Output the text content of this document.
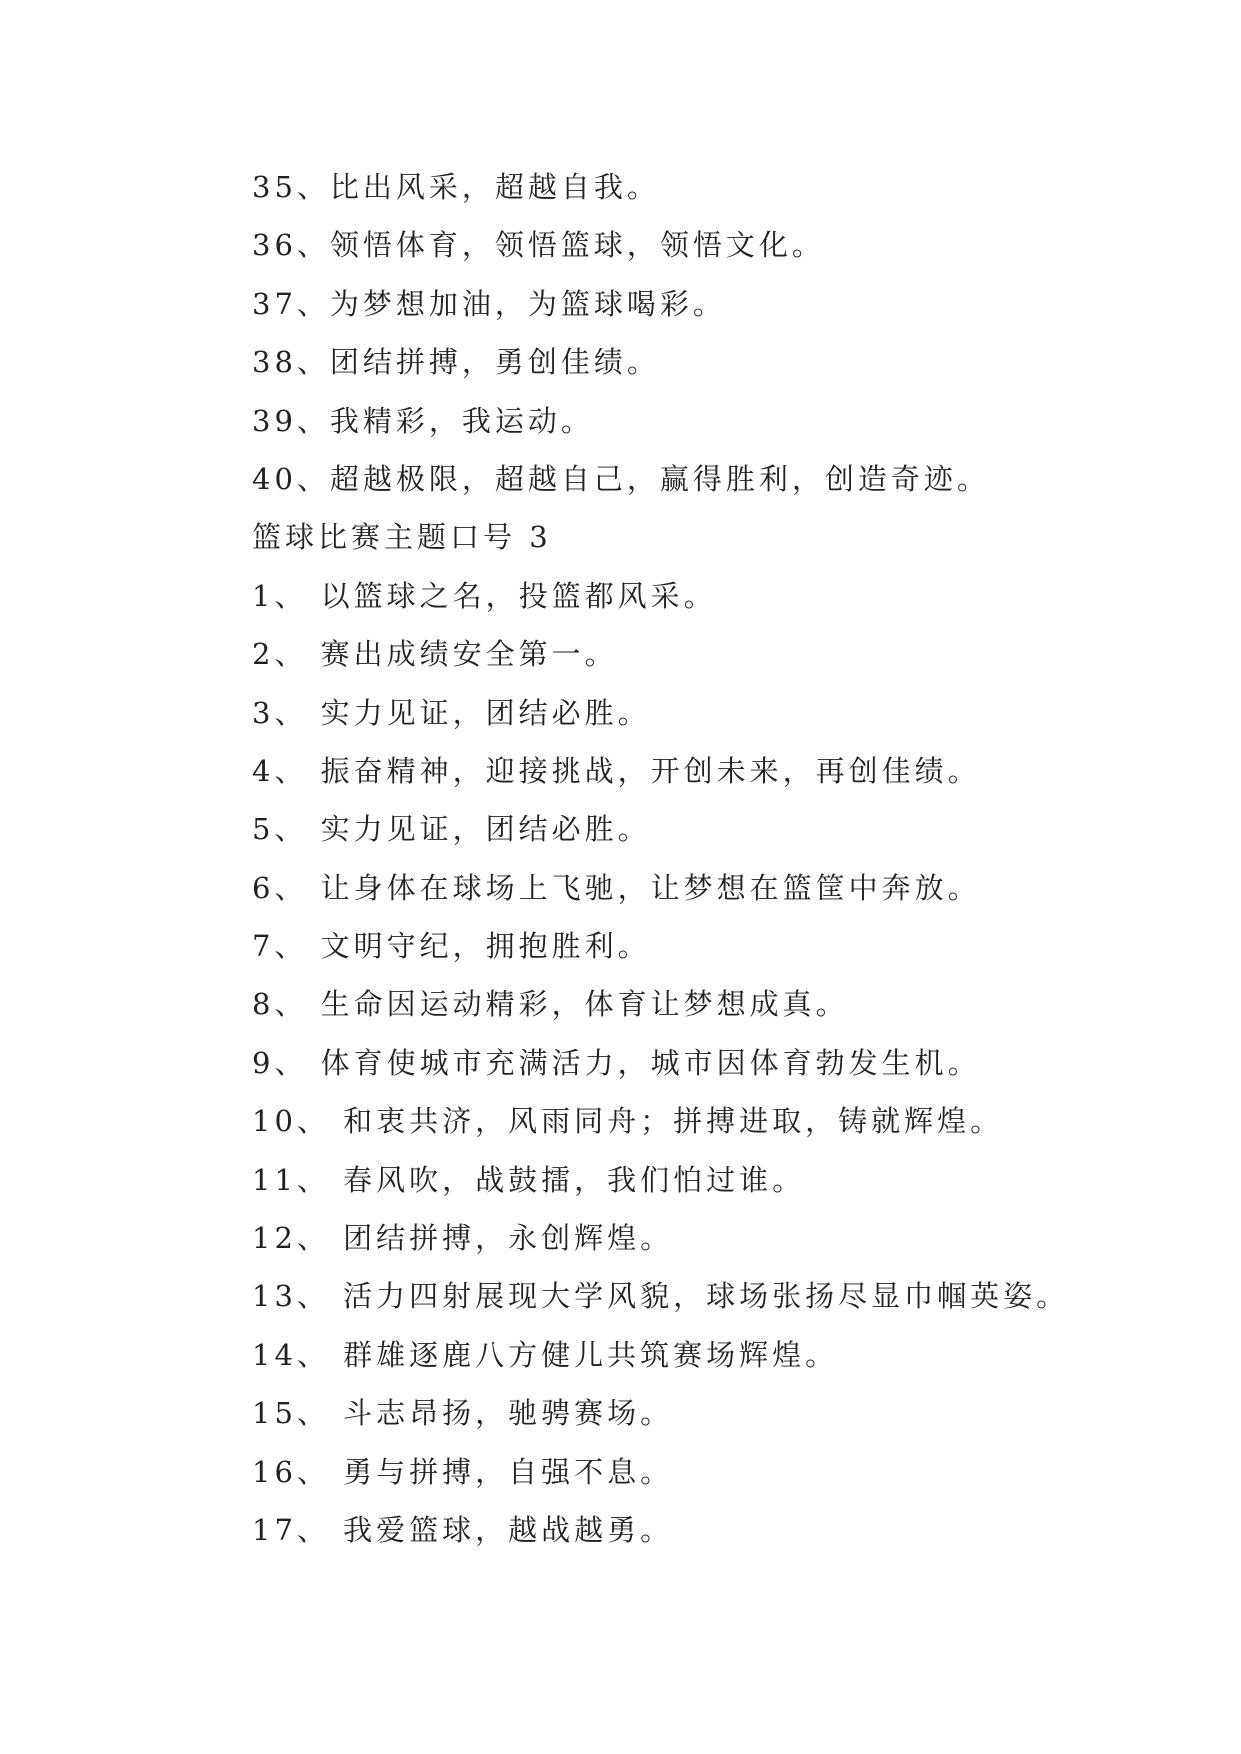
35、比出风采，超越自我。
36、领悟体育，领悟篮球，领悟文化。
37、为梦想加油，为篮球喝彩。
38、团结拼搏，勇创佳绩。
39、我精彩，我运动。
40、超越极限，超越自己，赢得胜利，创造奇迹。
篮球比赛主题口号 3
1、 以篮球之名，投篮都风采。
2、 赛出成绩安全第一。
3、 实力见证，团结必胜。
4、 振奋精神，迎接挑战，开创未来，再创佳绩。
5、 实力见证，团结必胜。
6、 让身体在球场上飞驰，让梦想在篮筐中奔放。
7、 文明守纪，拥抱胜利。
8、 生命因运动精彩，体育让梦想成真。
9、 体育使城市充满活力，城市因体育勃发生机。
10、 和衷共济，风雨同舟；拼搏进取，铸就辉煌。
11、 春风吹，战鼓擂，我们怕过谁。
12、 团结拼搏，永创辉煌。
13、 活力四射展现大学风貌，球场张扬尽显巾帼英姿。
14、 群雄逐鹿八方健儿共筑赛场辉煌。
15、 斗志昂扬，驰骋赛场。
16、 勇与拼搏，自强不息。
17、 我爱篮球，越战越勇。
